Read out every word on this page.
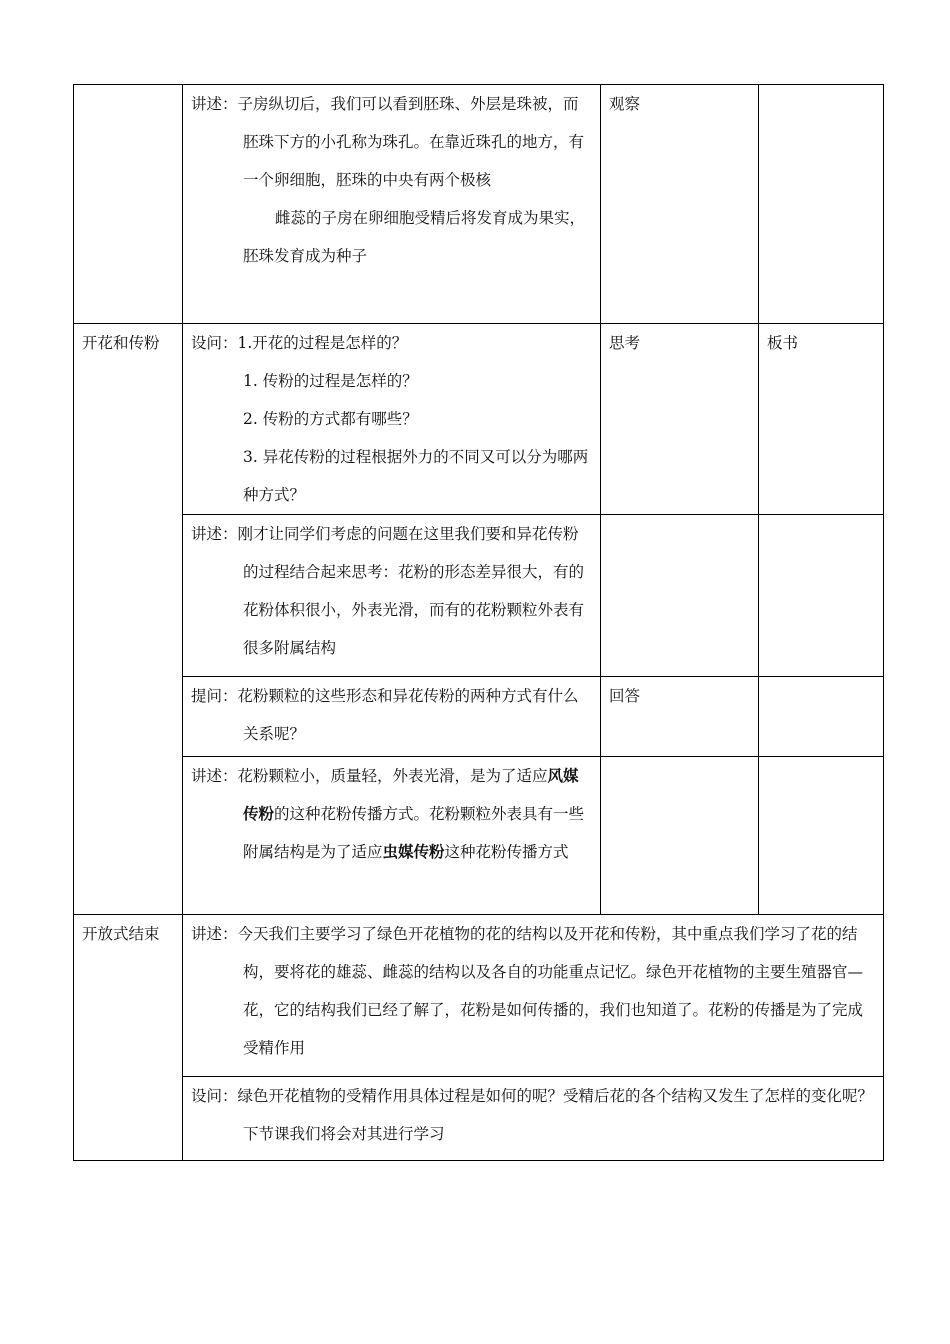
	讲述：子房纵切后，我们可以看到胚珠、外层是珠被，而胚珠下方的小孔称为珠孔。在靠近珠孔的地方，有一个卵细胞，胚珠的中央有两个极核
雌蕊的子房在卵细胞受精后将发育成为果实，胚珠发育成为种子	观察	
开花和传粉	设问：1.开花的过程是怎样的？
1. 传粉的过程是怎样的？
2. 传粉的方式都有哪些？
3. 异花传粉的过程根据外力的不同又可以分为哪两种方式？	思考	板书

	讲述：刚才让同学们考虑的问题在这里我们要和异花传粉的过程结合起来思考：花粉的形态差异很大，有的花粉体积很小，外表光滑，而有的花粉颗粒外表有很多附属结构		

	提问：花粉颗粒的这些形态和异花传粉的两种方式有什么关系呢？	回答	

	讲述：花粉颗粒小，质量轻，外表光滑，是为了适应风媒传粉的这种花粉传播方式。花粉颗粒外表具有一些附属结构是为了适应虫媒传粉这种花粉传播方式		

开放式结束	讲述：今天我们主要学习了绿色开花植物的花的结构以及开花和传粉，其中重点我们学习了花的结构，要将花的雄蕊、雌蕊的结构以及各自的功能重点记忆。绿色开花植物的主要生殖器官—花，它的结构我们已经了解了，花粉是如何传播的，我们也知道了。花粉的传播是为了完成受精作用		

	设问：绿色开花植物的受精作用具体过程是如何的呢？受精后花的各个结构又发生了怎样的变化呢？下节课我们将会对其进行学习		
